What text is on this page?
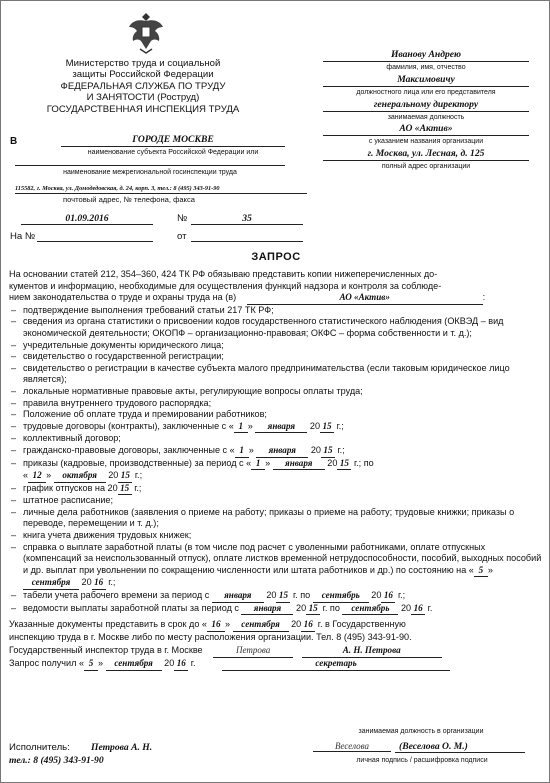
Министерство труда и социальной
защиты Российской Федерации
ФЕДЕРАЛЬНАЯ СЛУЖБА ПО ТРУДУ
И ЗАНЯТОСТИ (Роструд)
ГОСУДАРСТВЕННАЯ ИНСПЕКЦИЯ ТРУДА
В	ГОРОДЕ МОСКВЕ
наименование субъекта Российской Федерации или
наименование межрегиональной госинспекции труда
115582, г. Москва, ул. Домодедовская, д. 24, корп. 3, тел.: 8 (495) 343-91-90
почтовый адрес, № телефона, факса
01.09.2016	№	35
На №	от
Иванову Андрею
фамилия, имя, отчество
Максимовичу
должностного лица или его представителя
генеральному директору
занимаемая должность
АО «Актив»
с указанием названия организации
г. Москва, ул. Лесная, д. 125
полный адрес организации
ЗАПРОС
На основании статей 212, 354–360, 424 ТК РФ обязываю представить копии нижеперечисленных до-
кументов и информацию, необходимые для осуществления функций надзора и контроля за соблюде-
нием законодательства о труде и охраны труда на (в)	АО «Актив»	:
– подтверждение выполнения требований статьи 217 ТК РФ;
– сведения из органа статистики о присвоении кодов государственного статистического наблюдения (ОКВЭД – вид экономической деятельности; ОКОПФ – организационно-правовая; ОКФС – форма собственности и т. д.);
– учредительные документы юридического лица;
– свидетельство о государственной регистрации;
– свидетельство о регистрации в качестве субъекта малого предпринимательства (если таковым юридическое лицо является);
– локальные нормативные правовые акты, регулирующие вопросы оплаты труда;
– правила внутреннего трудового распорядка;
– Положение об оплате труда и премировании работников;
– трудовые договоры (контракты), заключенные с « 1 » января 20 15 г.;
– коллективный договор;
– гражданско-правовые договоры, заключенные с « 1 » января 20 15 г.;
– приказы (кадровые, производственные) за период с « 1 » января 20 15 г.; по
« 12 » октября 20 15 г.;
– график отпусков на 20 15 г.;
– штатное расписание;
– личные дела работников (заявления о приеме на работу; приказы о приеме на работу; трудовые книжки; приказы о переводе, перемещении и т. д.);
– книга учета движения трудовых книжек;
– справка о выплате заработной платы (в том числе под расчет с уволенными работниками, оплате отпускных (компенсаций за неиспользованный отпуск), оплате листков временной нетрудоспособности, пособий, выходных пособий и др. выплат при увольнении по сокращению численности или штата работников и др.) по состоянию на « 5 » сентября 20 16 г.;
– табели учета рабочего времени за период с января 20 15 г. по сентябрь 20 16 г.;
– ведомости выплаты заработной платы за период с января 20 15 г. по сентябрь 20 16 г.
Указанные документы представить в срок до « 16 » сентября 20 16 г. в Государственную
инспекцию труда в г. Москве либо по месту расположения организации. Тел. 8 (495) 343-91-90.
Государственный инспектор труда в г. Москве	Петрова	А. Н. Петрова
Запрос получил « 5 » сентября 20 16 г.	секретарь
занимаемая должность в организации
Исполнитель: Петрова А. Н.
тел.: 8 (495) 343-91-90
Веселова	(Веселова О. М.)
личная подпись / расшифровка подписи
